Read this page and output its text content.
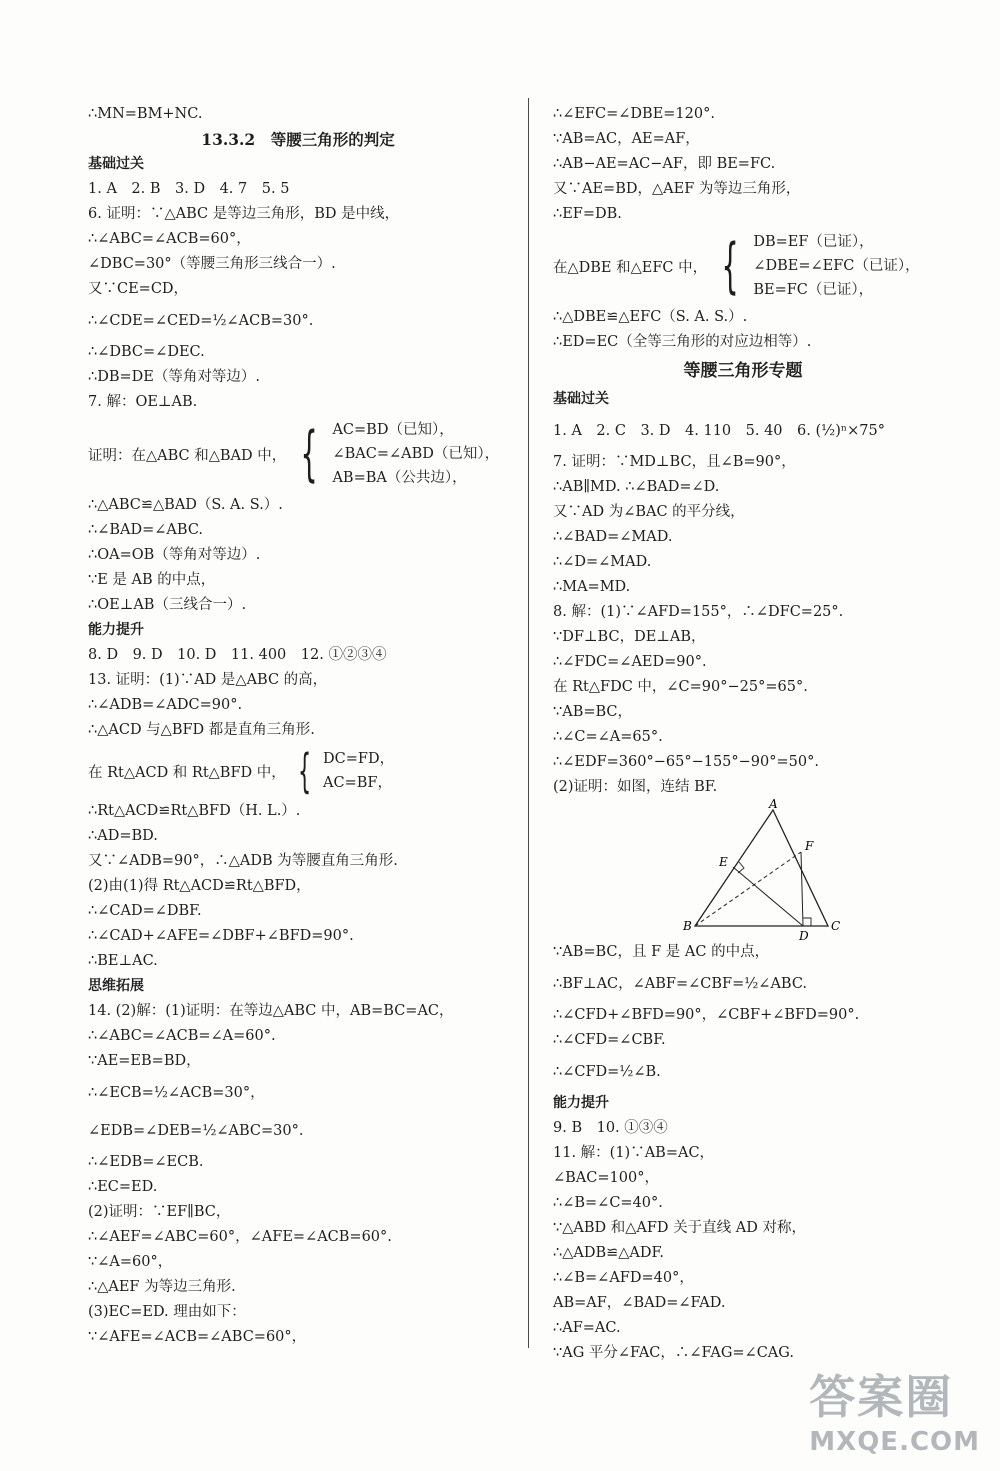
∴MN=BM+NC.
13.3.2　等腰三角形的判定
基础过关
1. A　2. B　3. D　4. 7　5. 5
6. 证明：∵△ABC 是等边三角形，BD 是中线，
∴∠ABC=∠ACB=60°，
∠DBC=30°（等腰三角形三线合一）.
又∵CE=CD，
∴∠CDE=∠CED=½∠ACB=30°.
∴∠DBC=∠DEC.
∴DB=DE（等角对等边）.
7. 解：OE⊥AB.
证明：在△ABC 和△BAD 中， { AC=BD（已知），
∠BAC=∠ABD（已知），
AB=BA（公共边），
∴△ABC≌△BAD（S. A. S.）.
∴∠BAD=∠ABC.
∴OA=OB（等角对等边）.
∵E 是 AB 的中点，
∴OE⊥AB（三线合一）.
能力提升
8. D　9. D　10. D　11. 400　12. ①②③④
13. 证明：(1)∵AD 是△ABC 的高，
∴∠ADB=∠ADC=90°.
∴△ACD 与△BFD 都是直角三角形.
在 Rt△ACD 和 Rt△BFD 中， { DC=FD，
AC=BF，
∴Rt△ACD≌Rt△BFD（H. L.）.
∴AD=BD.
又∵∠ADB=90°，∴△ADB 为等腰直角三角形.
(2)由(1)得 Rt△ACD≌Rt△BFD，
∴∠CAD=∠DBF.
∴∠CAD+∠AFE=∠DBF+∠BFD=90°.
∴BE⊥AC.
思维拓展
14. (2)解：(1)证明：在等边△ABC 中，AB=BC=AC，
∴∠ABC=∠ACB=∠A=60°.
∵AE=EB=BD，
∴∠ECB=½∠ACB=30°，
∠EDB=∠DEB=½∠ABC=30°.
∴∠EDB=∠ECB.
∴EC=ED.
(2)证明：∵EF∥BC，
∴∠AEF=∠ABC=60°，∠AFE=∠ACB=60°.
∵∠A=60°，
∴△AEF 为等边三角形.
(3)EC=ED. 理由如下：
∵∠AFE=∠ACB=∠ABC=60°，
∴∠EFC=∠DBE=120°.
∵AB=AC，AE=AF，
∴AB−AE=AC−AF，即 BE=FC.
又∵AE=BD，△AEF 为等边三角形，
∴EF=DB.
在△DBE 和△EFC 中， { DB=EF（已证），
∠DBE=∠EFC（已证），
BE=FC（已证），
∴△DBE≌△EFC（S. A. S.）.
∴ED=EC（全等三角形的对应边相等）.
等腰三角形专题
基础过关
1. A　2. C　3. D　4. 110　5. 40　6. (½)ⁿ×75°
7. 证明：∵MD⊥BC，且∠B=90°，
∴AB∥MD. ∴∠BAD=∠D.
又∵AD 为∠BAC 的平分线，
∴∠BAD=∠MAD.
∴∠D=∠MAD.
∴MA=MD.
8. 解：(1)∵∠AFD=155°，∴∠DFC=25°.
∵DF⊥BC，DE⊥AB，
∴∠FDC=∠AED=90°.
在 Rt△FDC 中，∠C=90°−25°=65°.
∵AB=BC，
∴∠C=∠A=65°.
∴∠EDF=360°−65°−155°−90°=50°.
(2)证明：如图，连结 BF.
A
B	C
D
E
F
∵AB=BC，且 F 是 AC 的中点，
∴BF⊥AC，∠ABF=∠CBF=½∠ABC.
∴∠CFD+∠BFD=90°，∠CBF+∠BFD=90°.
∴∠CFD=∠CBF.
∴∠CFD=½∠B.
能力提升
9. B　10. ①③④
11. 解：(1)∵AB=AC，
∠BAC=100°，
∴∠B=∠C=40°.
∵△ABD 和△AFD 关于直线 AD 对称，
∴△ADB≌△ADF.
∴∠B=∠AFD=40°，
AB=AF，∠BAD=∠FAD.
∴AF=AC.
∵AG 平分∠FAC，∴∠FAG=∠CAG.
答案圈
MXQE.COM
